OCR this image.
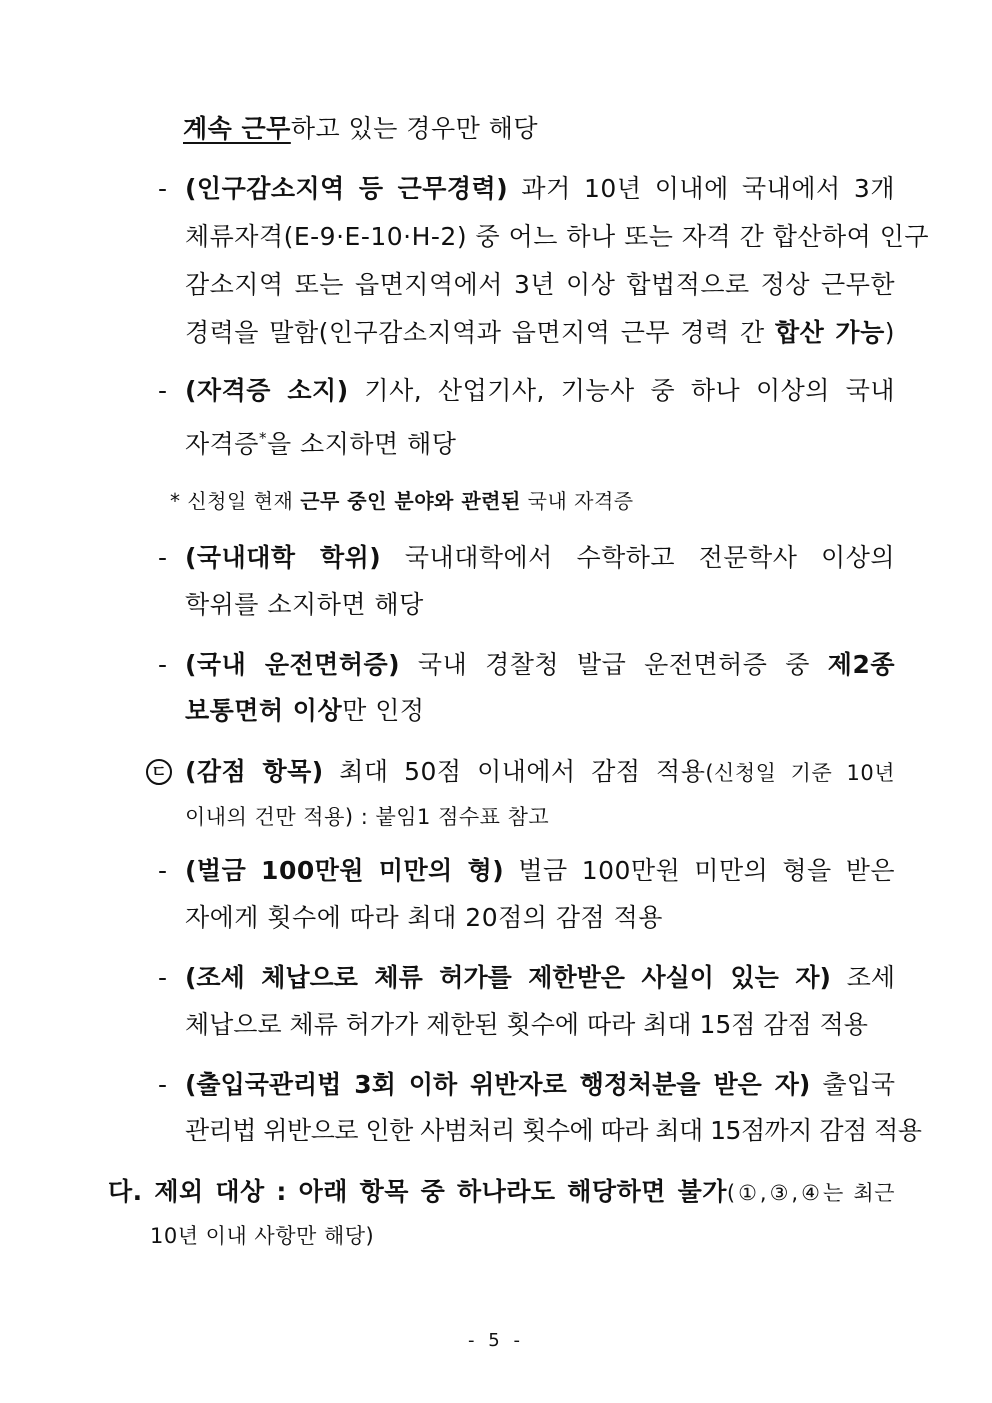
계속 근무하고 있는 경우만 해당
- (인구감소지역 등 근무경력) 과거 10년 이내에 국내에서 3개
체류자격(E-9·E-10·H-2) 중 어느 하나 또는 자격 간 합산하여 인구
감소지역 또는 읍면지역에서 3년 이상 합법적으로 정상 근무한
경력을 말함(인구감소지역과 읍면지역 근무 경력 간 합산 가능)
- (자격증 소지) 기사, 산업기사, 기능사 중 하나 이상의 국내
자격증*을 소지하면 해당
* 신청일 현재 근무 중인 분야와 관련된 국내 자격증
- (국내대학 학위) 국내대학에서 수학하고 전문학사 이상의
학위를 소지하면 해당
- (국내 운전면허증) 국내 경찰청 발급 운전면허증 중 제2종
보통면허 이상만 인정
ㄷ (감점 항목) 최대 50점 이내에서 감점 적용(신청일 기준 10년
이내의 건만 적용) : 붙임1 점수표 참고
- (벌금 100만원 미만의 형) 벌금 100만원 미만의 형을 받은
자에게 횟수에 따라 최대 20점의 감점 적용
- (조세 체납으로 체류 허가를 제한받은 사실이 있는 자) 조세
체납으로 체류 허가가 제한된 횟수에 따라 최대 15점 감점 적용
- (출입국관리법 3회 이하 위반자로 행정처분을 받은 자) 출입국
관리법 위반으로 인한 사범처리 횟수에 따라 최대 15점까지 감점 적용
다. 제외 대상 : 아래 항목 중 하나라도 해당하면 불가(①,③,④는 최근
10년 이내 사항만 해당)
- 5 -
